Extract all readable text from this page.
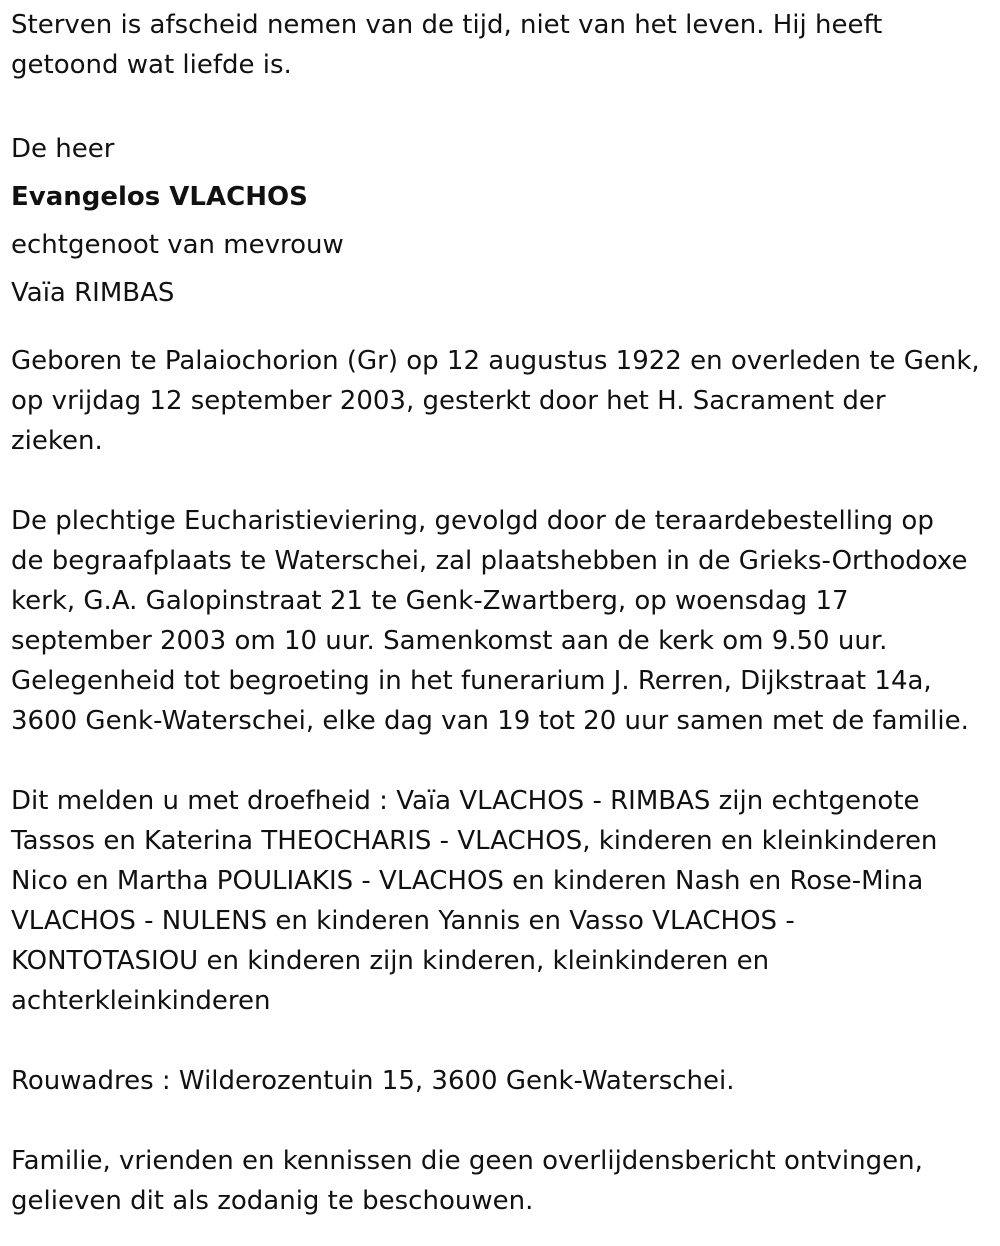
Sterven is afscheid nemen van de tijd, niet van het leven. Hij heeft
getoond wat liefde is.

De heer

Evangelos VLACHOS

echtgenoot van mevrouw

Vaïa RIMBAS

Geboren te Palaiochorion (Gr) op 12 augustus 1922 en overleden te Genk,
op vrijdag 12 september 2003, gesterkt door het H. Sacrament der
zieken.

De plechtige Eucharistieviering, gevolgd door de teraardebestelling op
de begraafplaats te Waterschei, zal plaatshebben in de Grieks-Orthodoxe
kerk, G.A. Galopinstraat 21 te Genk-Zwartberg, op woensdag 17
september 2003 om 10 uur. Samenkomst aan de kerk om 9.50 uur.
Gelegenheid tot begroeting in het funerarium J. Rerren, Dijkstraat 14a,
3600 Genk-Waterschei, elke dag van 19 tot 20 uur samen met de familie.

Dit melden u met droefheid : Vaïa VLACHOS - RIMBAS zijn echtgenote
Tassos en Katerina THEOCHARIS - VLACHOS, kinderen en kleinkinderen
Nico en Martha POULIAKIS - VLACHOS en kinderen Nash en Rose-Mina
VLACHOS - NULENS en kinderen Yannis en Vasso VLACHOS -
KONTOTASIOU en kinderen zijn kinderen, kleinkinderen en
achterkleinkinderen

Rouwadres : Wilderozentuin 15, 3600 Genk-Waterschei.

Familie, vrienden en kennissen die geen overlijdensbericht ontvingen,
gelieven dit als zodanig te beschouwen.
